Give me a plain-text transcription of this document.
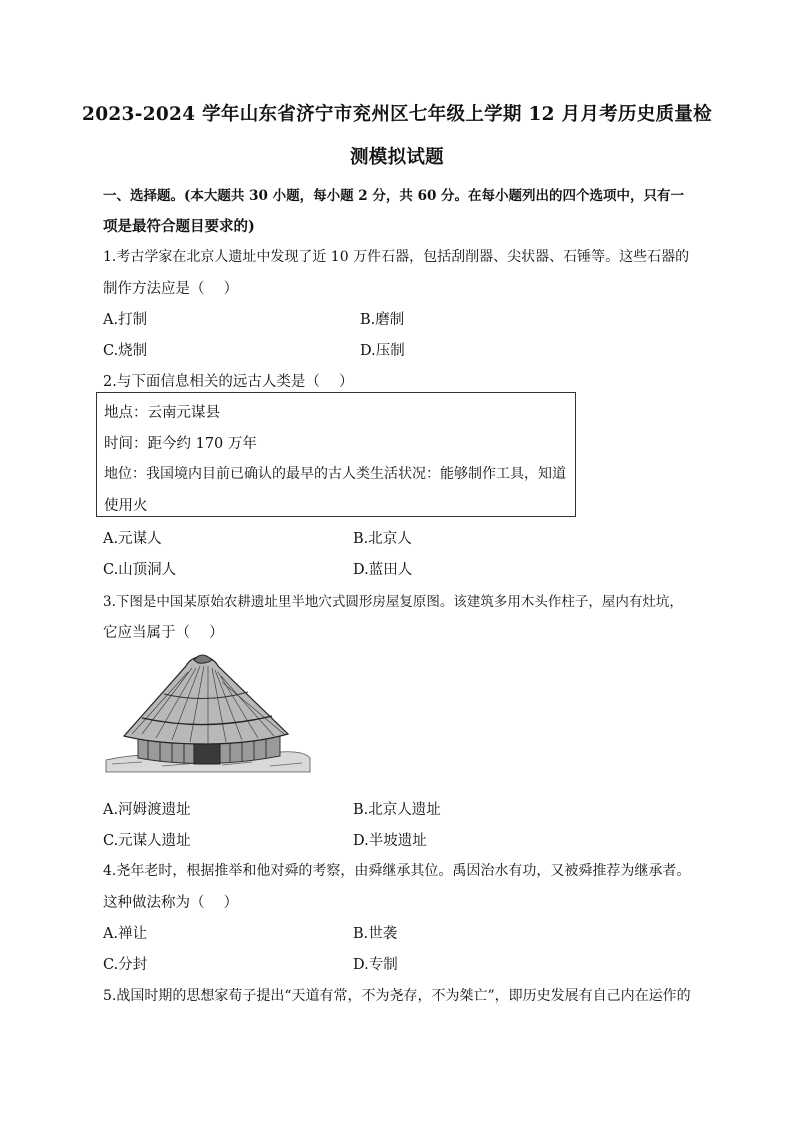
2023-2024 学年山东省济宁市兖州区七年级上学期 12 月月考历史质量检
测模拟试题
一、选择题。(本大题共 30 小题，每小题 2 分，共 60 分。在每小题列出的四个选项中，只有一
项是最符合题目要求的)
1.考古学家在北京人遗址中发现了近 10 万件石器，包括刮削器、尖状器、石锤等。这些石器的
制作方法应是（　 ）
A.打制	B.磨制
C.烧制	D.压制
2.与下面信息相关的远古人类是（　 ）
地点：云南元谋县
时间：距今约 170 万年
地位：我国境内目前已确认的最早的古人类生活状况：能够制作工具，知道
使用火
A.元谋人	B.北京人
C.山顶洞人	D.蓝田人
3.下图是中国某原始农耕遗址里半地穴式圆形房屋复原图。该建筑多用木头作柱子，屋内有灶坑，
它应当属于（　 ）
A.河姆渡遗址	B.北京人遗址
C.元谋人遗址	D.半坡遗址
4.尧年老时，根据推举和他对舜的考察，由舜继承其位。禹因治水有功，又被舜推荐为继承者。
这种做法称为（　 ）
A.禅让	B.世袭
C.分封	D.专制
5.战国时期的思想家荀子提出“天道有常，不为尧存，不为桀亡”，即历史发展有自己内在运作的
